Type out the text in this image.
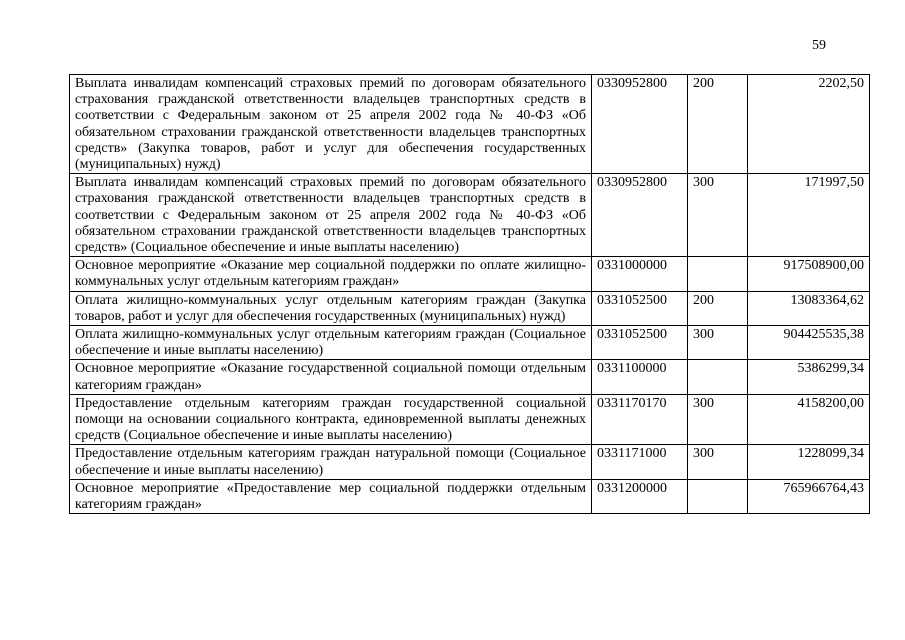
59
Выплата инвалидам компенсаций страховых премий по договорам обязательного страхования гражданской ответственности владельцев транспортных средств в соответствии с Федеральным законом от 25 апреля 2002 года № 40-ФЗ «Об обязательном страховании гражданской ответственности владельцев транспортных средств» (Закупка товаров, работ и услуг для обеспечения государственных (муниципальных) нужд)	0330952800	200	2202,50
Выплата инвалидам компенсаций страховых премий по договорам обязательного страхования гражданской ответственности владельцев транспортных средств в соответствии с Федеральным законом от 25 апреля 2002 года № 40-ФЗ «Об обязательном страховании гражданской ответственности владельцев транспортных средств» (Социальное обеспечение и иные выплаты населению)	0330952800	300	171997,50
Основное мероприятие «Оказание мер социальной поддержки по оплате жилищно-коммунальных услуг отдельным категориям граждан»	0331000000		917508900,00
Оплата жилищно-коммунальных услуг отдельным категориям граждан (Закупка товаров, работ и услуг для обеспечения государственных (муниципальных) нужд)	0331052500	200	13083364,62
Оплата жилищно-коммунальных услуг отдельным категориям граждан (Социальное обеспечение и иные выплаты населению)	0331052500	300	904425535,38
Основное мероприятие «Оказание государственной социальной помощи отдельным категориям граждан»	0331100000		5386299,34
Предоставление отдельным категориям граждан государственной социальной помощи на основании социального контракта, единовременной выплаты денежных средств (Социальное обеспечение и иные выплаты населению)	0331170170	300	4158200,00
Предоставление отдельным категориям граждан натуральной помощи (Социальное обеспечение и иные выплаты населению)	0331171000	300	1228099,34
Основное мероприятие «Предоставление мер социальной поддержки отдельным категориям граждан»	0331200000		765966764,43
